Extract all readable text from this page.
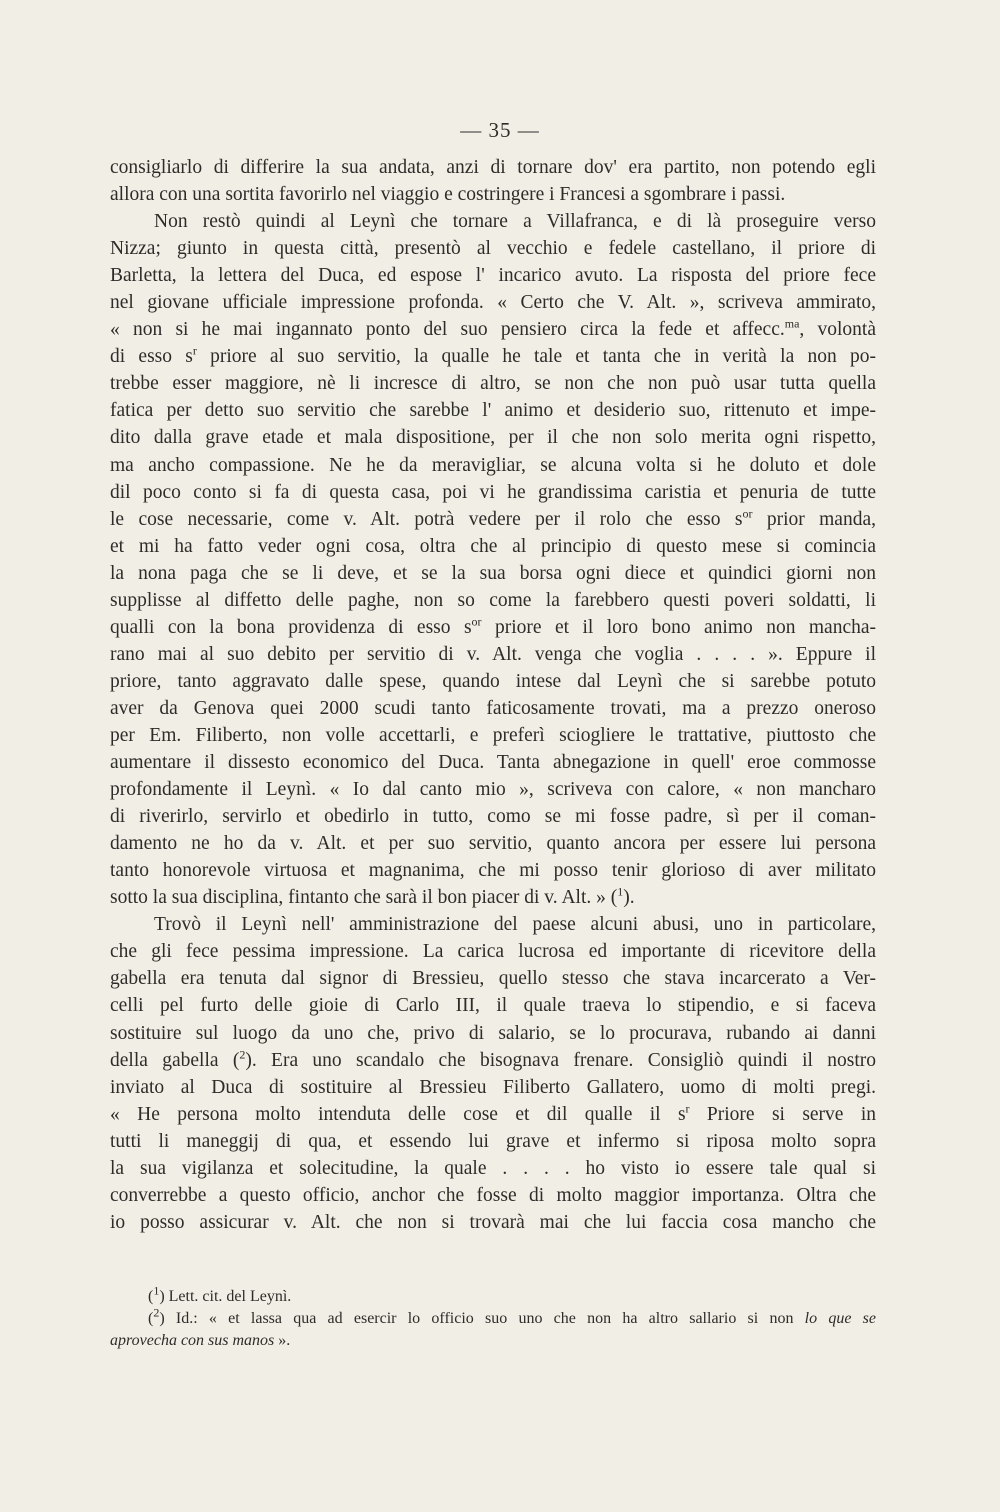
— 35 —
consigliarlo di differire la sua andata, anzi di tornare dov' era partito, non potendo egli
allora con una sortita favorirlo nel viaggio e costringere i Francesi a sgombrare i passi.
Non restò quindi al Leynì che tornare a Villafranca, e di là proseguire verso
Nizza; giunto in questa città, presentò al vecchio e fedele castellano, il priore di
Barletta, la lettera del Duca, ed espose l' incarico avuto. La risposta del priore fece
nel giovane ufficiale impressione profonda. « Certo che V. Alt. », scriveva ammirato,
« non si he mai ingannato ponto del suo pensiero circa la fede et affecc.$^{ma}$, volontà
di esso $s^r$ priore al suo servitio, la qualle he tale et tanta che in verità la non po-
trebbe esser maggiore, nè li incresce di altro, se non che non può usar tutta quella
fatica per detto suo servitio che sarebbe l' animo et desiderio suo, rittenuto et impe-
dito dalla grave etade et mala dispositione, per il che non solo merita ogni rispetto,
ma ancho compassione. Ne he da meravigliar, se alcuna volta si he doluto et dole
dil poco conto si fa di questa casa, poi vi he grandissima caristia et penuria de tutte
le cose necessarie, come v. Alt. potrà vedere per il rolo che esso $s^{or}$ prior manda,
et mi ha fatto veder ogni cosa, oltra che al principio di questo mese si comincia
la nona paga che se li deve, et se la sua borsa ogni diece et quindici giorni non
supplisse al diffetto delle paghe, non so come la farebbero questi poveri soldatti, li
qualli con la bona providenza di esso $s^{or}$ priore et il loro bono animo non mancha-
rano mai al suo debito per servitio di v. Alt. venga che voglia . . . . ». Eppure il
priore, tanto aggravato dalle spese, quando intese dal Leynì che si sarebbe potuto
aver da Genova quei 2000 scudi tanto faticosamente trovati, ma a prezzo oneroso
per Em. Filiberto, non volle accettarli, e preferì sciogliere le trattative, piuttosto che
aumentare il dissesto economico del Duca. Tanta abnegazione in quell' eroe commosse
profondamente il Leynì. « Io dal canto mio », scriveva con calore, « non mancharo
di riverirlo, servirlo et obedirlo in tutto, como se mi fosse padre, sì per il coman-
damento ne ho da v. Alt. et per suo servitio, quanto ancora per essere lui persona
tanto honorevole virtuosa et magnanima, che mi posso tenir glorioso di aver militato
sotto la sua disciplina, fintanto che sarà il bon piacer di v. Alt. » ($^1$).
Trovò il Leynì nell' amministrazione del paese alcuni abusi, uno in particolare,
che gli fece pessima impressione. La carica lucrosa ed importante di ricevitore della
gabella era tenuta dal signor di Bressieu, quello stesso che stava incarcerato a Ver-
celli pel furto delle gioie di Carlo III, il quale traeva lo stipendio, e si faceva
sostituire sul luogo da uno che, privo di salario, se lo procurava, rubando ai danni
della gabella ($^2$). Era uno scandalo che bisognava frenare. Consigliò quindi il nostro
inviato al Duca di sostituire al Bressieu Filiberto Gallatero, uomo di molti pregi.
« He persona molto intenduta delle cose et dil qualle il $s^r$ Priore si serve in
tutti li maneggij di qua, et essendo lui grave et infermo si riposa molto sopra
la sua vigilanza et solecitudine, la quale . . . . ho visto io essere tale qual si
converrebbe a questo officio, anchor che fosse di molto maggior importanza. Oltra che
io posso assicurar v. Alt. che non si trovarà mai che lui faccia cosa mancho che
($^1$) Lett. cit. del Leynì.
($^2$) Id.: « et lassa qua ad esercir lo officio suo uno che non ha altro sallario si non lo que se
aprovecha con sus manos ».
